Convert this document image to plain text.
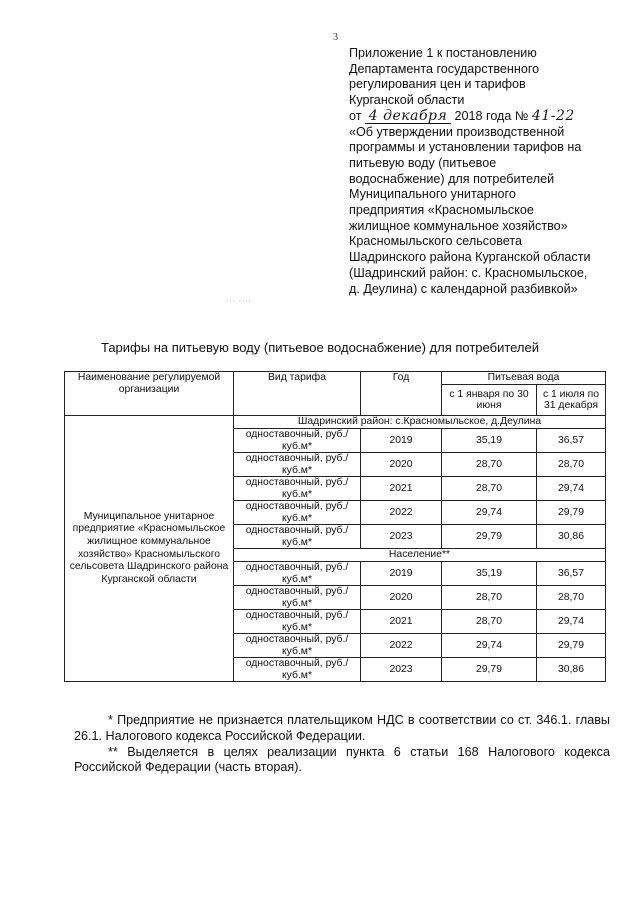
3
Приложение 1 к постановлению
Департамента государственного
регулирования цен и тарифов
Курганской области
от 4 декабря 2018 года № 41-22
«Об утверждении производственной
программы и установлении тарифов на
питьевую воду (питьевое
водоснабжение) для потребителей
Муниципального унитарного
предприятия «Красномыльское
жилищное коммунальное хозяйство»
Красномыльского сельсовета
Шадринского района Курганской области
(Шадринский район: с. Красномыльское,
д. Деулина) с календарной разбивкой»
∙∙∙ ∙∙∙∙
Тарифы на питьевую воду (питьевое водоснабжение) для потребителей
Наименование регулируемой организации	Вид тарифа	Год	Питьевая вода	
			с 1 января по 30 июня	с 1 июля по 31 декабря
Муниципальное унитарное предприятие «Красномыльское жилищное коммунальное хозяйство» Красномыльского сельсовета Шадринского района Курганской области	Шадринский район: с.Красномыльское, д.Деулина			
	одноставочный, руб./куб.м*	2019	35,19	36,57
	одноставочный, руб./куб.м*	2020	28,70	28,70
	одноставочный, руб./куб.м*	2021	28,70	29,74
	одноставочный, руб./куб.м*	2022	29,74	29,79
	одноставочный, руб./куб.м*	2023	29,79	30,86
	Население**			
	одноставочный, руб./куб.м*	2019	35,19	36,57
	одноставочный, руб./куб.м*	2020	28,70	28,70
	одноставочный, руб./куб.м*	2021	28,70	29,74
	одноставочный, руб./куб.м*	2022	29,74	29,79
	одноставочный, руб./куб.м*	2023	29,79	30,86

* Предприятие не признается плательщиком НДС в соответствии со ст. 346.1. главы 26.1. Налогового кодекса Российской Федерации.

** Выделяется в целях реализации пункта 6 статьи 168 Налогового кодекса Российской Федерации (часть вторая).
